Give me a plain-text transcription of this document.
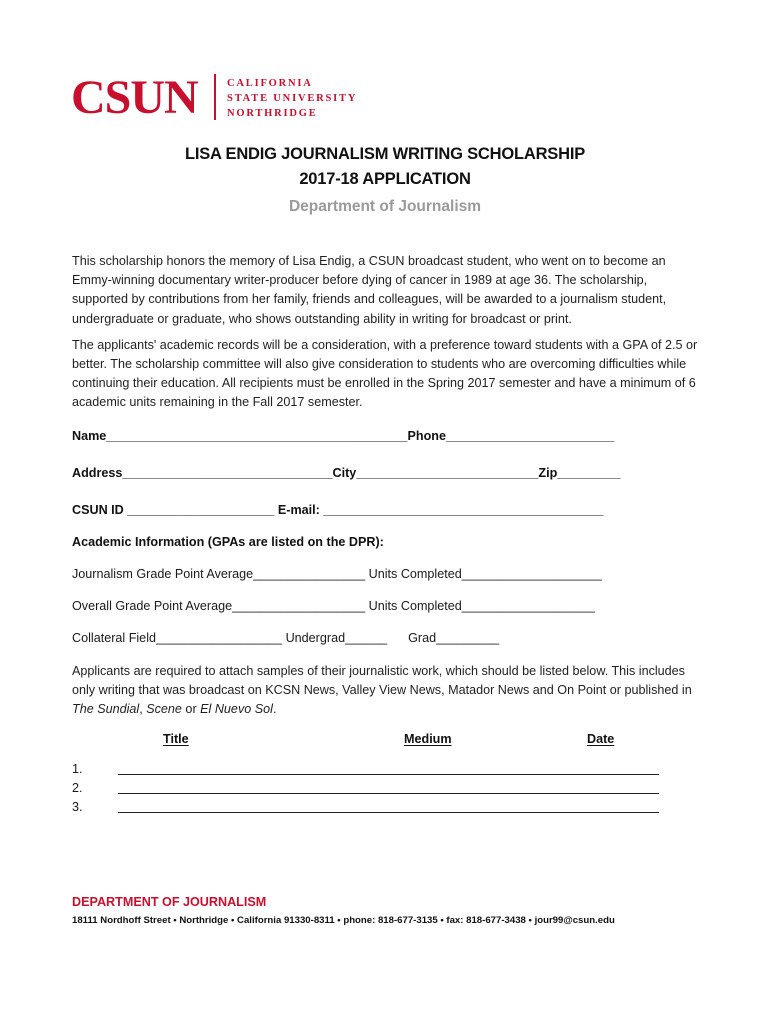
CSUN	CALIFORNIA
STATE UNIVERSITY
NORTHRIDGE
LISA ENDIG JOURNALISM WRITING SCHOLARSHIP
2017-18 APPLICATION
Department of Journalism

This scholarship honors the memory of Lisa Endig, a CSUN broadcast student, who went on to become an Emmy-winning documentary writer-producer before dying of cancer in 1989 at age 36. The scholarship, supported by contributions from her family, friends and colleagues, will be awarded to a journalism student, undergraduate or graduate, who shows outstanding ability in writing for broadcast or print.

The applicants' academic records will be a consideration, with a preference toward students with a GPA of 2.5 or better. The scholarship committee will also give consideration to students who are overcoming difficulties while continuing their education. All recipients must be enrolled in the Spring 2017 semester and have a minimum of 6 academic units remaining in the Fall 2017 semester.

Name___________________________________________Phone________________________
Address______________________________City__________________________Zip_________
CSUN ID _____________________ E-mail: ________________________________________
Academic Information (GPAs are listed on the DPR):
Journalism Grade Point Average________________ Units Completed____________________
Overall Grade Point Average___________________ Units Completed___________________
Collateral Field__________________ Undergrad______      Grad_________

Applicants are required to attach samples of their journalistic work, which should be listed below. This includes only writing that was broadcast on KCSN News, Valley View News, Matador News and On Point or published in The Sundial, Scene or El Nuevo Sol.

Title	Medium	Date
1.
2.
3.
DEPARTMENT OF JOURNALISM
18111 Nordhoff Street • Northridge • California 91330-8311 • phone: 818-677-3135 • fax: 818-677-3438 • jour99@csun.edu
